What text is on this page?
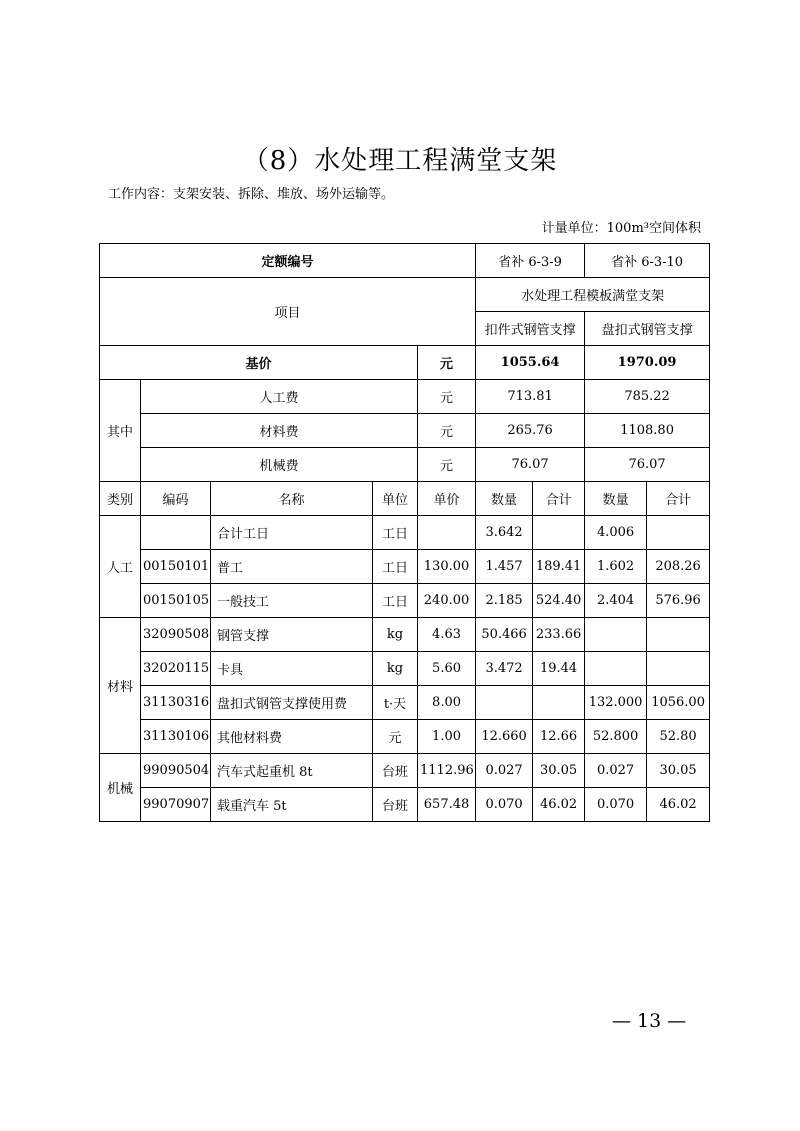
（8）水处理工程满堂支架
工作内容：支架安装、拆除、堆放、场外运输等。
计量单位：100m³空间体积
定额编号					省补 6-3-9		省补 6-3-10	
项目					水处理工程模板满堂支架			
					扣件式钢管支撑		盘扣式钢管支撑	
基价				元	1055.64		1970.09	
其中	人工费			元	713.81		785.22	
	材料费			元	265.76		1108.80	
	机械费			元	76.07		76.07	
类别	编码	名称	单位	单价	数量	合计	数量	合计
人工		合计工日	工日		3.642		4.006	
	00150101	普工	工日	130.00	1.457	189.41	1.602	208.26
	00150105	一般技工	工日	240.00	2.185	524.40	2.404	576.96
材料	32090508	钢管支撑	kg	4.63	50.466	233.66		
	32020115	卡具	kg	5.60	3.472	19.44		
	31130316	盘扣式钢管支撑使用费	t·天	8.00			132.000	1056.00
	31130106	其他材料费	元	1.00	12.660	12.66	52.800	52.80
机械	99090504	汽车式起重机 8t	台班	1112.96	0.027	30.05	0.027	30.05
	99070907	载重汽车 5t	台班	657.48	0.070	46.02	0.070	46.02
— 13 —
